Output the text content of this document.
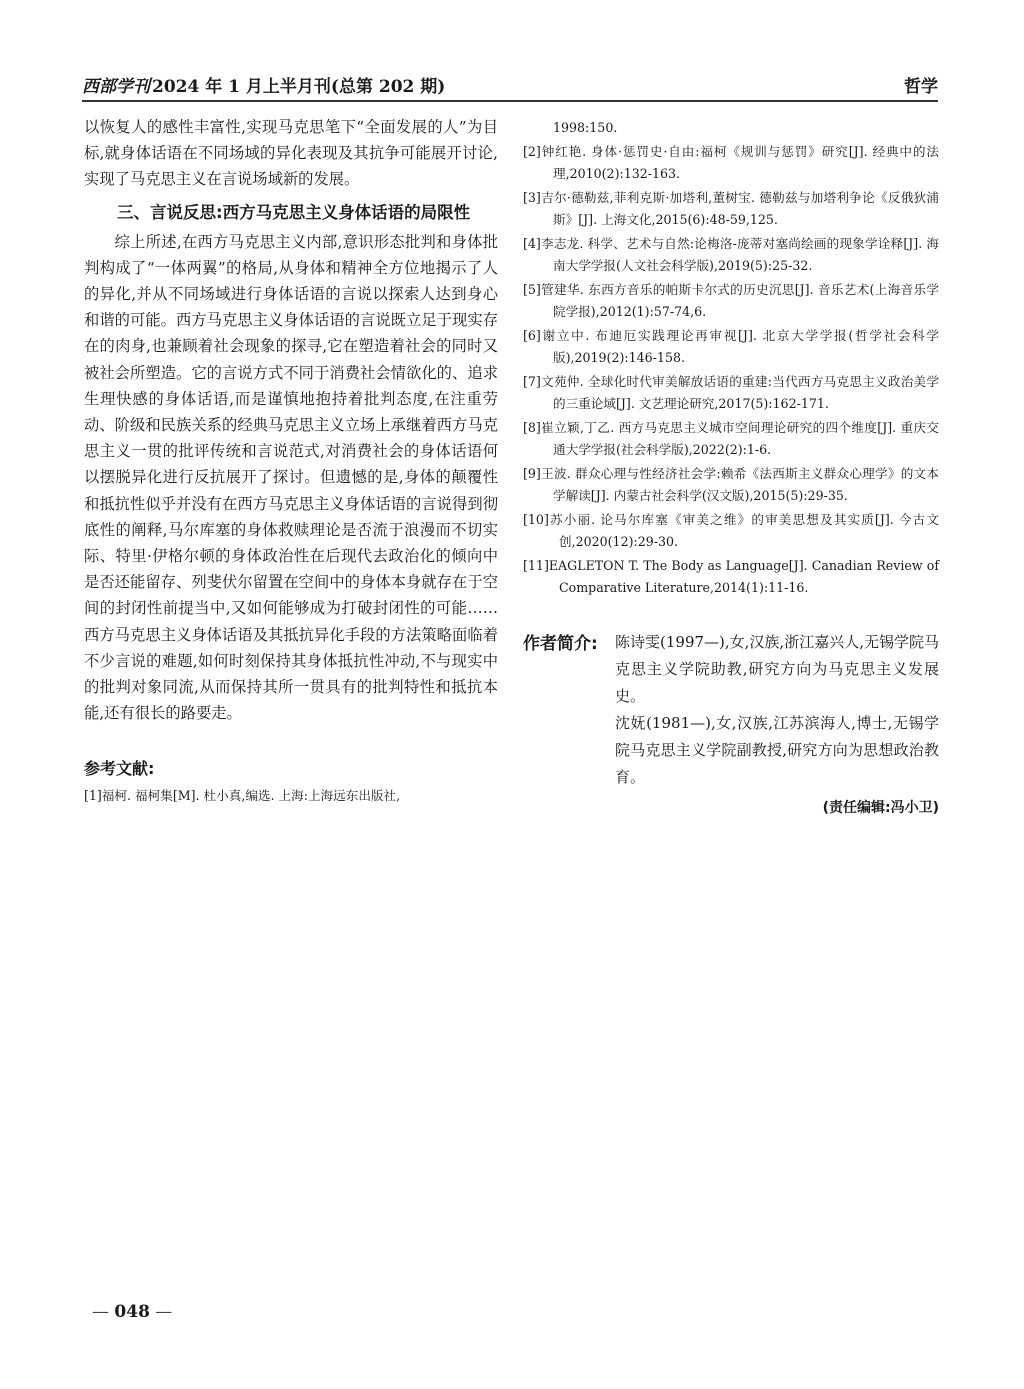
西部学刊 2024 年 1 月上半月刊(总第 202 期)	哲学

以恢复人的感性丰富性,实现马克思笔下“全面发展的人”为目标,就身体话语在不同场域的异化表现及其抗争可能展开讨论,实现了马克思主义在言说场域新的发展。

三、言说反思:西方马克思主义身体话语的局限性

综上所述,在西方马克思主义内部,意识形态批判和身体批判构成了“一体两翼”的格局,从身体和精神全方位地揭示了人的异化,并从不同场域进行身体话语的言说以探索人达到身心和谐的可能。西方马克思主义身体话语的言说既立足于现实存在的肉身,也兼顾着社会现象的探寻,它在塑造着社会的同时又被社会所塑造。它的言说方式不同于消费社会情欲化的、追求生理快感的身体话语,而是谨慎地抱持着批判态度,在注重劳动、阶级和民族关系的经典马克思主义立场上承继着西方马克思主义一贯的批评传统和言说范式,对消费社会的身体话语何以摆脱异化进行反抗展开了探讨。但遗憾的是,身体的颠覆性和抵抗性似乎并没有在西方马克思主义身体话语的言说得到彻底性的阐释,马尔库塞的身体救赎理论是否流于浪漫而不切实际、特里·伊格尔顿的身体政治性在后现代去政治化的倾向中是否还能留存、列斐伏尔留置在空间中的身体本身就存在于空间的封闭性前提当中,又如何能够成为打破封闭性的可能……西方马克思主义身体话语及其抵抗异化手段的方法策略面临着不少言说的难题,如何时刻保持其身体抵抗性冲动,不与现实中的批判对象同流,从而保持其所一贯具有的批判特性和抵抗本能,还有很长的路要走。

参考文献:

[1]福柯. 福柯集[M]. 杜小真,编选. 上海:上海远东出版社,

1998:150.

[2]钟红艳. 身体·惩罚史·自由:福柯《规训与惩罚》研究[J]. 经典中的法理,2010(2):132-163.

[3]吉尔·德勒兹,菲利克斯·加塔利,董树宝. 德勒兹与加塔利争论《反俄狄浦斯》[J]. 上海文化,2015(6):48-59,125.

[4]李志龙. 科学、艺术与自然:论梅洛-庞蒂对塞尚绘画的现象学诠释[J]. 海南大学学报(人文社会科学版),2019(5):25-32.

[5]管建华. 东西方音乐的帕斯卡尔式的历史沉思[J]. 音乐艺术(上海音乐学院学报),2012(1):57-74,6.

[6]谢立中. 布迪厄实践理论再审视[J]. 北京大学学报(哲学社会科学版),2019(2):146-158.

[7]文苑仲. 全球化时代审美解放话语的重建:当代西方马克思主义政治美学的三重论域[J]. 文艺理论研究,2017(5):162-171.

[8]崔立颖,丁乙. 西方马克思主义城市空间理论研究的四个维度[J]. 重庆交通大学学报(社会科学版),2022(2):1-6.

[9]王波. 群众心理与性经济社会学:赖希《法西斯主义群众心理学》的文本学解读[J]. 内蒙古社会科学(汉文版),2015(5):29-35.

[10]苏小丽. 论马尔库塞《审美之维》的审美思想及其实质[J]. 今古文创,2020(12):29-30.

[11]EAGLETON T. The Body as Language[J]. Canadian Review of Comparative Literature,2014(1):11-16.

作者简介: 陈诗雯(1997—),女,汉族,浙江嘉兴人,无锡学院马克思主义学院助教,研究方向为马克思主义发展史。

沈妩(1981—),女,汉族,江苏滨海人,博士,无锡学院马克思主义学院副教授,研究方向为思想政治教育。

(责任编辑:冯小卫)
— 048 —
